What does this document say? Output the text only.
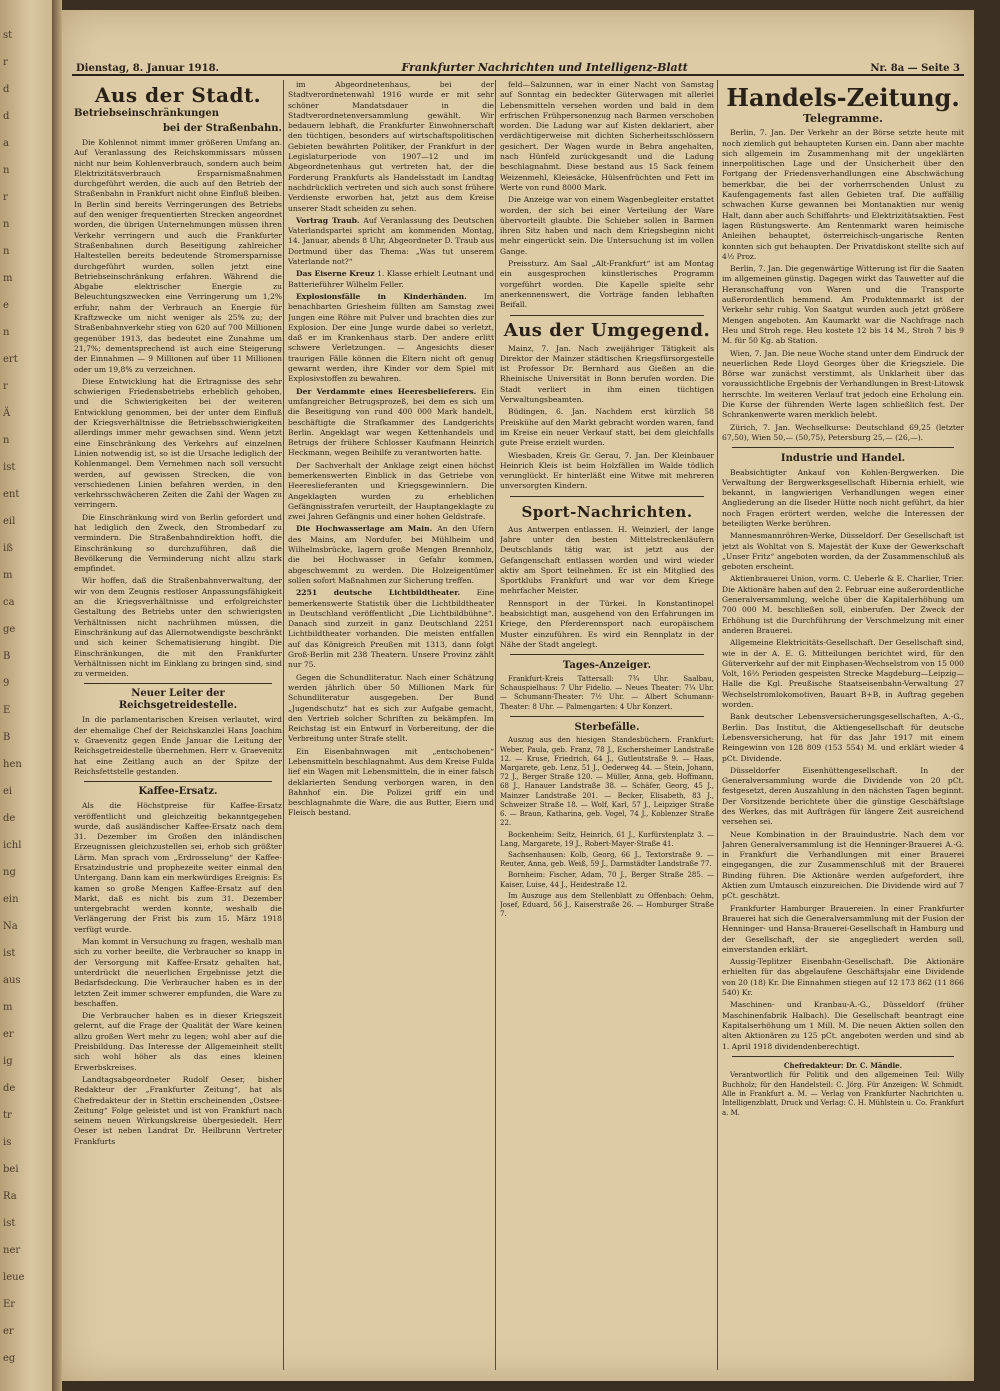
st
r
d
d
a
n
r
n
n
m
e
n
ert
r
Ä
n
ist
ent
eil
iß
m
ca
ge
B
9
E
B
hen
ei
de
ichl
ng
ein
Na
ist
aus
m
er
ig
de
tr
is
bei
Ra
ist
ner
leue
Er
er
eg
Dienstag, 8. Januar 1918.	Frankfurter Nachrichten und Intelligenz-Blatt	Nr. 8a — Seite 3
Aus der Stadt.
Betriebseinschränkungen
bei der Straßenbahn.

Die Kohlennot nimmt immer größeren Umfang an. Auf Veranlassung des Reichskommissars müssen nicht nur beim Kohlenverbrauch, sondern auch beim Elektrizitätsverbrauch Ersparnismaßnahmen durchgeführt werden, die auch auf den Betrieb der Straßenbahn in Frankfurt nicht ohne Einfluß bleiben. In Berlin sind bereits Verringerungen des Betriebs auf den weniger frequentierten Strecken angeordnet worden, die übrigen Unternehmungen müssen ihren Verkehr verringern und auch die Frankfurter Straßenbahnen durch Beseitigung zahlreicher Haltestellen bereits bedeutende Stromersparnisse durchgeführt wurden, sollen jetzt eine Betriebseinschränkung erfahren. Während die Abgabe elektrischer Energie zu Beleuchtungszwecken eine Verringerung um 1,2% erfuhr, nahm der Verbrauch an Energie für Kraftzwecke um nicht weniger als 25% zu; der Straßenbahnverkehr stieg von 620 auf 700 Millionen gegenüber 1913, das bedeutet eine Zunahme um 21,7%; dementsprechend ist auch eine Steigerung der Einnahmen — 9 Millionen auf über 11 Millionen oder um 19,8% zu verzeichnen.

Diese Entwicklung hat die Ertragnisse des sehr schwierigen Friedensbetriebs erheblich gehoben, und die Schwierigkeiten bei der weiteren Entwicklung genommen, bei der unter dem Einfluß der Kriegsverhältnisse die Betriebsschwierigkeiten allerdings immer mehr gewachsen sind. Wenn jetzt eine Einschränkung des Verkehrs auf einzelnen Linien notwendig ist, so ist die Ursache lediglich der Kohlenmangel. Dem Vernehmen nach soll versucht werden, auf gewissen Strecken, die von verschiedenen Linien befahren werden, in den verkehrsschwächeren Zeiten die Zahl der Wagen zu verringern.

Die Einschränkung wird von Berlin gefordert und hat lediglich den Zweck, den Strombedarf zu vermindern. Die Straßenbahndirektion hofft, die Einschränkung so durchzuführen, daß die Bevölkerung die Verminderung nicht allzu stark empfindet.

Wir hoffen, daß die Straßenbahnverwaltung, der wir von dem Zeugnis restloser Anpassungsfähigkeit an die Kriegsverhältnisse und erfolgreichster Gestaltung des Betriebs unter den schwierigsten Verhältnissen nicht nachrühmen müssen, die Einschränkung auf das Allernotwendigste beschränkt und sich keiner Schematisierung hingibt. Die Einschränkungen, die mit den Frankfurter Verhältnissen nicht im Einklang zu bringen sind, sind zu vermeiden.

Neuer Leiter der Reichsgetreidestelle.

In die parlamentarischen Kreisen verlautet, wird der ehemalige Chef der Reichskanzlei Hans Joachim v. Graevenitz gegen Ende Januar die Leitung der Reichsgetreidestelle übernehmen. Herr v. Graevenitz hat eine Zeitlang auch an der Spitze der Reichsfettstelle gestanden.

Kaffee-Ersatz.

Als die Höchstpreise für Kaffee-Ersatz veröffentlicht und gleichzeitig bekanntgegeben wurde, daß ausländischer Kaffee-Ersatz nach dem 31. Dezember im Großen den inländischen Erzeugnissen gleichzustellen sei, erhob sich größter Lärm. Man sprach vom „Erdrosselung“ der Kaffee-Ersatzindustrie und prophezeite weiter einmal den Untergang. Dann kam ein merkwürdiges Ereignis: Es kamen so große Mengen Kaffee-Ersatz auf den Markt, daß es nicht bis zum 31. Dezember untergebracht werden konnte, weshalb die Verlängerung der Frist bis zum 15. März 1918 verfügt wurde.

Man kommt in Versuchung zu fragen, weshalb man sich zu vorher beeilte, die Verbraucher so knapp in der Versorgung mit Kaffee-Ersatz gehalten hat, unterdrückt die neuerlichen Ergebnisse jetzt die Bedarfsdeckung. Die Verbraucher haben es in der letzten Zeit immer schwerer empfunden, die Ware zu beschaffen.

Die Verbraucher haben es in dieser Kriegszeit gelernt, auf die Frage der Qualität der Ware keinen allzu großen Wert mehr zu legen; wohl aber auf die Preisbildung. Das Interesse der Allgemeinheit stellt sich wohl höher als das eines kleinen Erwerbskreises.

Landtagsabgeordneter Rudolf Oeser, bisher Redakteur der „Frankfurter Zeitung“, hat als Chefredakteur der in Stettin erscheinenden „Ostsee-Zeitung“ Folge geleistet und ist von Frankfurt nach seinem neuen Wirkungskreise übergesiedelt. Herr Oeser ist neben Landrat Dr. Heilbrunn Vertreter Frankfurts

im Abgeordnetenhaus, bei der Stadtverordnetenwahl 1916 wurde er mit sehr schöner Mandatsdauer in die Stadtverordnetenversammlung gewählt. Wir bedauern lebhaft, die Frankfurter Einwohnerschaft den tüchtigen, besonders auf wirtschaftspolitischen Gebieten bewährten Politiker, der Frankfurt in der Legislaturperiode von 1907—12 und im Abgeordnetenhaus gut vertreten hat, der die Forderung Frankfurts als Handelsstadt im Landtag nachdrücklich vertreten und sich auch sonst frühere Verdienste erworben hat, jetzt aus dem Kreise unserer Stadt scheiden zu sehen.

Vortrag Traub. Auf Veranlassung des Deutschen Vaterlandspartei spricht am kommenden Montag, 14. Januar, abends 8 Uhr, Abgeordneter D. Traub aus Dortmund über das Thema: „Was tut unserem Vaterlande not?“

Das Eiserne Kreuz 1. Klasse erhielt Leutnant und Batterieführer Wilhelm Feller.

Explosionsfälle in Kinderhänden. Im benachbarten Griesheim füllten am Samstag zwei Jungen eine Röhre mit Pulver und brachten dies zur Explosion. Der eine Junge wurde dabei so verletzt, daß er im Krankenhaus starb. Der andere erlitt schwere Verletzungen. — Angesichts dieser traurigen Fälle können die Eltern nicht oft genug gewarnt werden, ihre Kinder vor dem Spiel mit Explosivstoffen zu bewahren.

Der Verdammte eines Heeresbelieferers. Ein umfangreicher Betrugsprozeß, bei dem es sich um die Beseitigung von rund 400 000 Mark handelt, beschäftigte die Strafkammer des Landgerichts Berlin. Angeklagt war wegen Kettenhandels und Betrugs der frühere Schlosser Kaufmann Heinrich Heckmann, wegen Beihilfe zu verantworten hatte.

Der Sachverhalt der Anklage zeigt einen höchst bemerkenswerten Einblick in das Getriebe von Heereslieferanten und Kriegsgewinnlern. Die Angeklagten wurden zu erheblichen Gefängnisstrafen verurteilt, der Hauptangeklagte zu zwei Jahren Gefängnis und einer hohen Geldstrafe.

Die Hochwasserlage am Main. An den Ufern des Mains, am Nordufer, bei Mühlheim und Wilhelmsbrücke, lagern große Mengen Brennholz, die bei Hochwasser in Gefahr kommen, abgeschwemmt zu werden. Die Holzeigentümer sollen sofort Maßnahmen zur Sicherung treffen.

2251 deutsche Lichtbildtheater. Eine bemerkenswerte Statistik über die Lichtbildtheater in Deutschland veröffentlicht „Die Lichtbildbühne“. Danach sind zurzeit in ganz Deutschland 2251 Lichtbildtheater vorhanden. Die meisten entfallen auf das Königreich Preußen mit 1313, dann folgt Groß-Berlin mit 238 Theatern. Unsere Provinz zählt nur 75.

Gegen die Schundliteratur. Nach einer Schätzung werden jährlich über 50 Millionen Mark für Schundliteratur ausgegeben. Der Bund „Jugendschutz“ hat es sich zur Aufgabe gemacht, den Vertrieb solcher Schriften zu bekämpfen. Im Reichstag ist ein Entwurf in Vorbereitung, der die Verbreitung unter Strafe stellt.

Ein Eisenbahnwagen mit „entschobenen“ Lebensmitteln beschlagnahmt. Aus dem Kreise Fulda lief ein Wagen mit Lebensmitteln, die in einer falsch deklarierten Sendung verborgen waren, in den Bahnhof ein. Die Polizei griff ein und beschlagnahmte die Ware, die aus Butter, Eiern und Fleisch bestand.

feld—Salzunnen, war in einer Nacht von Samstag auf Sonntag ein bedeckter Güterwagen mit allerlei Lebensmitteln versehen worden und bald in dem erfrischen Frühpersonenzug nach Barmen verschoben worden. Die Ladung war auf Kisten deklariert, aber verdächtigerweise mit dichten Sicherheitsschlössern gesichert. Der Wagen wurde in Bebra angehalten, nach Hünfeld zurückgesandt und die Ladung beschlagnahmt. Diese bestand aus 15 Sack feinem Weizenmehl, Kleiesäcke, Hülsenfrüchten und Fett im Werte von rund 8000 Mark.

Die Anzeige war von einem Wagenbegleiter erstattet worden, der sich bei einer Verteilung der Ware übervorteilt glaubte. Die Schieber sollen in Barmen ihren Sitz haben und nach dem Kriegsbeginn nicht mehr eingerückt sein. Die Untersuchung ist im vollen Gange.

Preissturz. Am Saal „Alt-Frankfurt“ ist am Montag ein ausgesprochen künstlerisches Programm vorgeführt worden. Die Kapelle spielte sehr anerkennenswert, die Vorträge fanden lebhaften Beifall.

Aus der Umgegend.

Mainz, 7. Jan. Nach zweijähriger Tätigkeit als Direktor der Mainzer städtischen Kriegsfürsorgestelle ist Professor Dr. Bernhard aus Gießen an die Rheinische Universität in Bonn berufen worden. Die Stadt verliert in ihm einen tüchtigen Verwaltungsbeamten.

Büdingen, 6. Jan. Nachdem erst kürzlich 58 Preiskühe auf den Markt gebracht worden waren, fand im Kreise ein neuer Verkauf statt, bei dem gleichfalls gute Preise erzielt wurden.

Wiesbaden, Kreis Gr. Gerau, 7. Jan. Der Kleinbauer Heinrich Kleis ist beim Holzfällen im Walde tödlich verunglückt. Er hinterläßt eine Witwe mit mehreren unversorgten Kindern.

Sport-Nachrichten.

Aus Antwerpen entlassen. H. Weinzierl, der lange Jahre unter den besten Mittelstreckenläufern Deutschlands tätig war, ist jetzt aus der Gefangenschaft entlassen worden und wird wieder aktiv am Sport teilnehmen. Er ist ein Mitglied des Sportklubs Frankfurt und war vor dem Kriege mehrfacher Meister.

Rennsport in der Türkei. In Konstantinopel beabsichtigt man, ausgehend von den Erfahrungen im Kriege, den Pferderennsport nach europäischem Muster einzuführen. Es wird ein Rennplatz in der Nähe der Stadt angelegt.

Tages-Anzeiger.

Frankfurt-Kreis Tattersall: 7¾ Uhr. Saalbau, Schauspielhaus: 7 Uhr Fidelio. — Neues Theater: 7¼ Uhr. — Schumann-Theater: 7½ Uhr. — Albert Schumann-Theater: 8 Uhr. — Palmengarten: 4 Uhr Konzert.

Sterbefälle.

Auszug aus den hiesigen Standesbüchern. Frankfurt: Weber, Paula, geb. Franz, 78 J., Eschersheimer Landstraße 12. — Kruse, Friedrich, 64 J., Gutleutstraße 9. — Haas, Margarete, geb. Lenz, 51 J., Oederweg 44. — Stein, Johann, 72 J., Berger Straße 120. — Müller, Anna, geb. Hoffmann, 68 J., Hanauer Landstraße 38. — Schäfer, Georg, 45 J., Mainzer Landstraße 201. — Becker, Elisabeth, 83 J., Schweizer Straße 18. — Wolf, Karl, 57 J., Leipziger Straße 6. — Braun, Katharina, geb. Vogel, 74 J., Koblenzer Straße 22.

Bockenheim: Seitz, Heinrich, 61 J., Kurfürstenplatz 3. — Lang, Margarete, 19 J., Robert-Mayer-Straße 41.

Sachsenhausen: Kolb, Georg, 66 J., Textorstraße 9. — Reuter, Anna, geb. Weiß, 59 J., Darmstädter Landstraße 77.

Bornheim: Fischer, Adam, 70 J., Berger Straße 285. — Kaiser, Luise, 44 J., Heidestraße 12.

Im Auszuge aus dem Stellenblatt zu Offenbach: Oehm, Josef, Eduard, 56 J., Kaiserstraße 26. — Homburger Straße 7.

Handels-Zeitung.
Telegramme.

Berlin, 7. Jan. Der Verkehr an der Börse setzte heute mit noch ziemlich gut behaupteten Kursen ein. Dann aber machte sich allgemein im Zusammenhang mit der ungeklärten innerpolitischen Lage und der Unsicherheit über den Fortgang der Friedensverhandlungen eine Abschwächung bemerkbar, die bei der vorherrschenden Unlust zu Kaufengagements fast allen Gebieten traf. Die auffällig schwachen Kurse gewannen bei Montanaktien nur wenig Halt, dann aber auch Schiffahrts- und Elektrizitätsaktien. Fest lagen Rüstungswerte. Am Rentenmarkt waren heimische Anleihen behauptet, österreichisch-ungarische Renten konnten sich gut behaupten. Der Privatdiskont stellte sich auf 4½ Proz.

Berlin, 7. Jan. Die gegenwärtige Witterung ist für die Saaten im allgemeinen günstig. Dagegen wirkt das Tauwetter auf die Heranschaffung von Waren und die Transporte außerordentlich hemmend. Am Produktenmarkt ist der Verkehr sehr ruhig. Von Saatgut wurden auch jetzt größere Mengen angeboten. Am Kaumarkt war die Nachfrage nach Heu und Stroh rege. Heu kostete 12 bis 14 M., Stroh 7 bis 9 M. für 50 Kg. ab Station.

Wien, 7. Jan. Die neue Woche stand unter dem Eindruck der neuerlichen Rede Lloyd Georges über die Kriegsziele. Die Börse war zunächst verstimmt, als Unklarheit über das voraussichtliche Ergebnis der Verhandlungen in Brest-Litowsk herrschte. Im weiteren Verlauf trat jedoch eine Erholung ein. Die Kurse der führenden Werte lagen schließlich fest. Der Schrankenwerte waren merklich belebt.

Zürich, 7. Jan. Wechselkurse: Deutschland 69,25 (letzter 67,50), Wien 50,— (50,75), Petersburg 25,— (26,—).

Industrie und Handel.

Beabsichtigter Ankauf von Kohlen-Bergwerken. Die Verwaltung der Bergwerksgesellschaft Hibernia erhielt, wie bekannt, in langwierigen Verhandlungen wegen einer Angliederung an die Ilseder Hütte noch nicht geführt, da hier noch Fragen erörtert werden, welche die Interessen der beteiligten Werke berühren.

Mannesmannröhren-Werke, Düsseldorf. Der Gesellschaft ist jetzt als Wohltat von S. Majestät der Kuxe der Gewerkschaft „Unser Fritz“ angeboten worden, da der Zusammenschluß als geboten erscheint.

Aktienbrauerei Union, vorm. C. Ueberle & E. Charlier, Trier. Die Aktionäre haben auf den 2. Februar eine außerordentliche Generalversammlung, welche über die Kapitalerhöhung um 700 000 M. beschließen soll, einberufen. Der Zweck der Erhöhung ist die Durchführung der Verschmelzung mit einer anderen Brauerei.

Allgemeine Elektricitäts-Gesellschaft. Der Gesellschaft sind, wie in der A. E. G. Mitteilungen berichtet wird, für den Güterverkehr auf der mit Einphasen-Wechselstrom von 15 000 Volt, 16⅔ Perioden gespeisten Strecke Magdeburg—Leipzig—Halle die Kgl. Preußische Staatseisenbahn-Verwaltung 27 Wechselstromlokomotiven, Bauart B+B, in Auftrag gegeben worden.

Bank deutscher Lebensversicherungsgesellschaften, A.-G., Berlin. Das Institut, die Aktiengesellschaft für deutsche Lebensversicherung, hat für das Jahr 1917 mit einem Reingewinn von 128 809 (153 554) M. und erklärt wieder 4 pCt. Dividende.

Düsseldorfer Eisenhüttengesellschaft. In der Generalversammlung wurde die Dividende von 20 pCt. festgesetzt, deren Auszahlung in den nächsten Tagen beginnt. Der Vorsitzende berichtete über die günstige Geschäftslage des Werkes, das mit Aufträgen für längere Zeit ausreichend versehen sei.

Neue Kombination in der Brauindustrie. Nach dem vor Jahren Generalversammlung ist die Henninger-Brauerei A.-G. in Frankfurt die Verhandlungen mit einer Brauerei eingegangen, die zur Zusammenschluß mit der Brauerei Binding führen. Die Aktionäre werden aufgefordert, ihre Aktien zum Umtausch einzureichen. Die Dividende wird auf 7 pCt. geschätzt.

Frankfurter Hamburger Brauereien. In einer Frankfurter Brauerei hat sich die Generalversammlung mit der Fusion der Henninger- und Hansa-Brauerei-Gesellschaft in Hamburg und der Gesellschaft, der sie angegliedert werden soll, einverstanden erklärt.

Aussig-Teplitzer Eisenbahn-Gesellschaft. Die Aktionäre erhielten für das abgelaufene Geschäftsjahr eine Dividende von 20 (18) Kr. Die Einnahmen stiegen auf 12 173 862 (11 866 540) Kr.

Maschinen- und Kranbau-A.-G., Düsseldorf (früher Maschinenfabrik Halbach). Die Gesellschaft beantragt eine Kapitalserhöhung um 1 Mill. M. Die neuen Aktien sollen den alten Aktionären zu 125 pCt. angeboten werden und sind ab 1. April 1918 dividendenberechtigt.

Chefredakteur: Dr. C. Mändle.

Verantwortlich für Politik und den allgemeinen Teil: Willy Buchholz; für den Handelsteil: C. Jörg. Für Anzeigen: W. Schmidt. Alle in Frankfurt a. M. — Verlag von Frankfurter Nachrichten u. Intelligenzblatt, Druck und Verlag: C. H. Mühlstein u. Co. Frankfurt a. M.
